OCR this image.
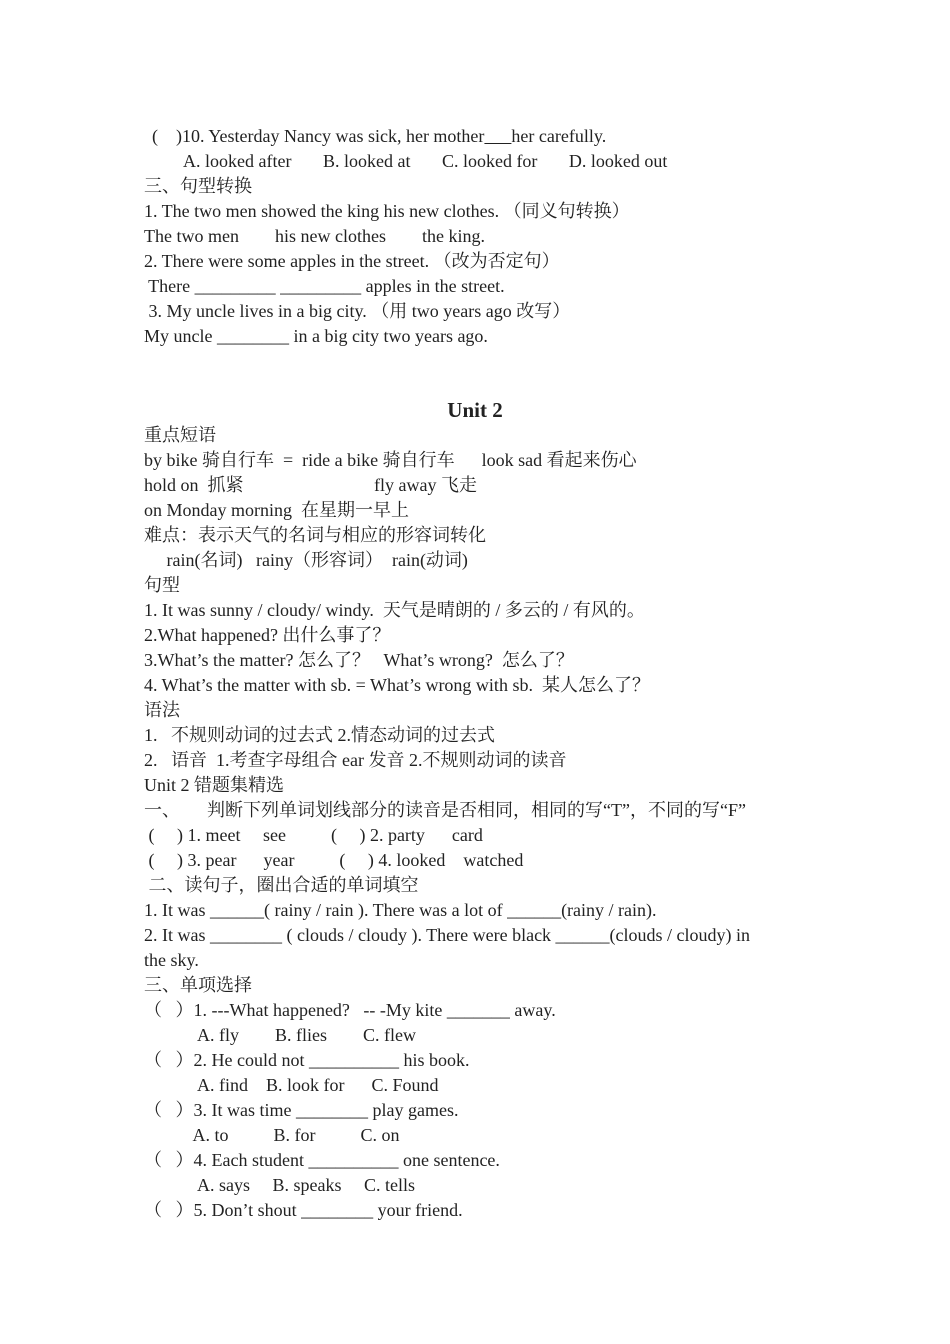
(    )10. Yesterday Nancy was sick, her mother her carefully.
A. looked after       B. looked at       C. looked for       D. looked out
三、句型转换
1. The two men showed the king his new clothes. （同义句转换）
The two men        his new clothes        the king.
2. There were some apples in the street. （改为否定句）
There _________ _________ apples in the street.
3. My uncle lives in a big city. （用 two years ago 改写）
My uncle ________ in a big city two years ago.
Unit 2
重点短语
by bike 骑自行车  =  ride a bike 骑自行车      look sad 看起来伤心
hold on  抓紧                             fly away 飞走
on Monday morning  在星期一早上
难点：表示天气的名词与相应的形容词转化
rain(名词)   rainy（形容词）  rain(动词)
句型
1. It was sunny / cloudy/ windy.  天气是晴朗的 / 多云的 / 有风的。
2.What happened? 出什么事了？
3.What’s the matter? 怎么了？   What’s wrong?  怎么了？
4. What’s the matter with sb. = What’s wrong with sb.  某人怎么了？
语法
1.   不规则动词的过去式 2.情态动词的过去式
2.   语音  1.考查字母组合 ear 发音 2.不规则动词的读音
Unit 2 错题集精选
一、      判断下列单词划线部分的读音是否相同，相同的写“T”，不同的写“F”
(     ) 1. meet     see          (     ) 2. party      card
(     ) 3. pear      year          (     ) 4. looked    watched
二、读句子，圈出合适的单词填空
1. It was ______( rainy / rain ). There was a lot of ______(rainy / rain).
2. It was ________ ( clouds / cloudy ). There were black ______(clouds / cloudy) in
the sky.
三、单项选择
（   ）1. ---What happened?   -- -My kite _______ away.
A. fly        B. flies        C. flew
（   ）2. He could not __________ his book.
A. find    B. look for      C. Found
（   ）3. It was time ________ play games.
A. to          B. for          C. on
（   ）4. Each student __________ one sentence.
A. says     B. speaks     C. tells
（   ）5. Don’t shout ________ your friend.
